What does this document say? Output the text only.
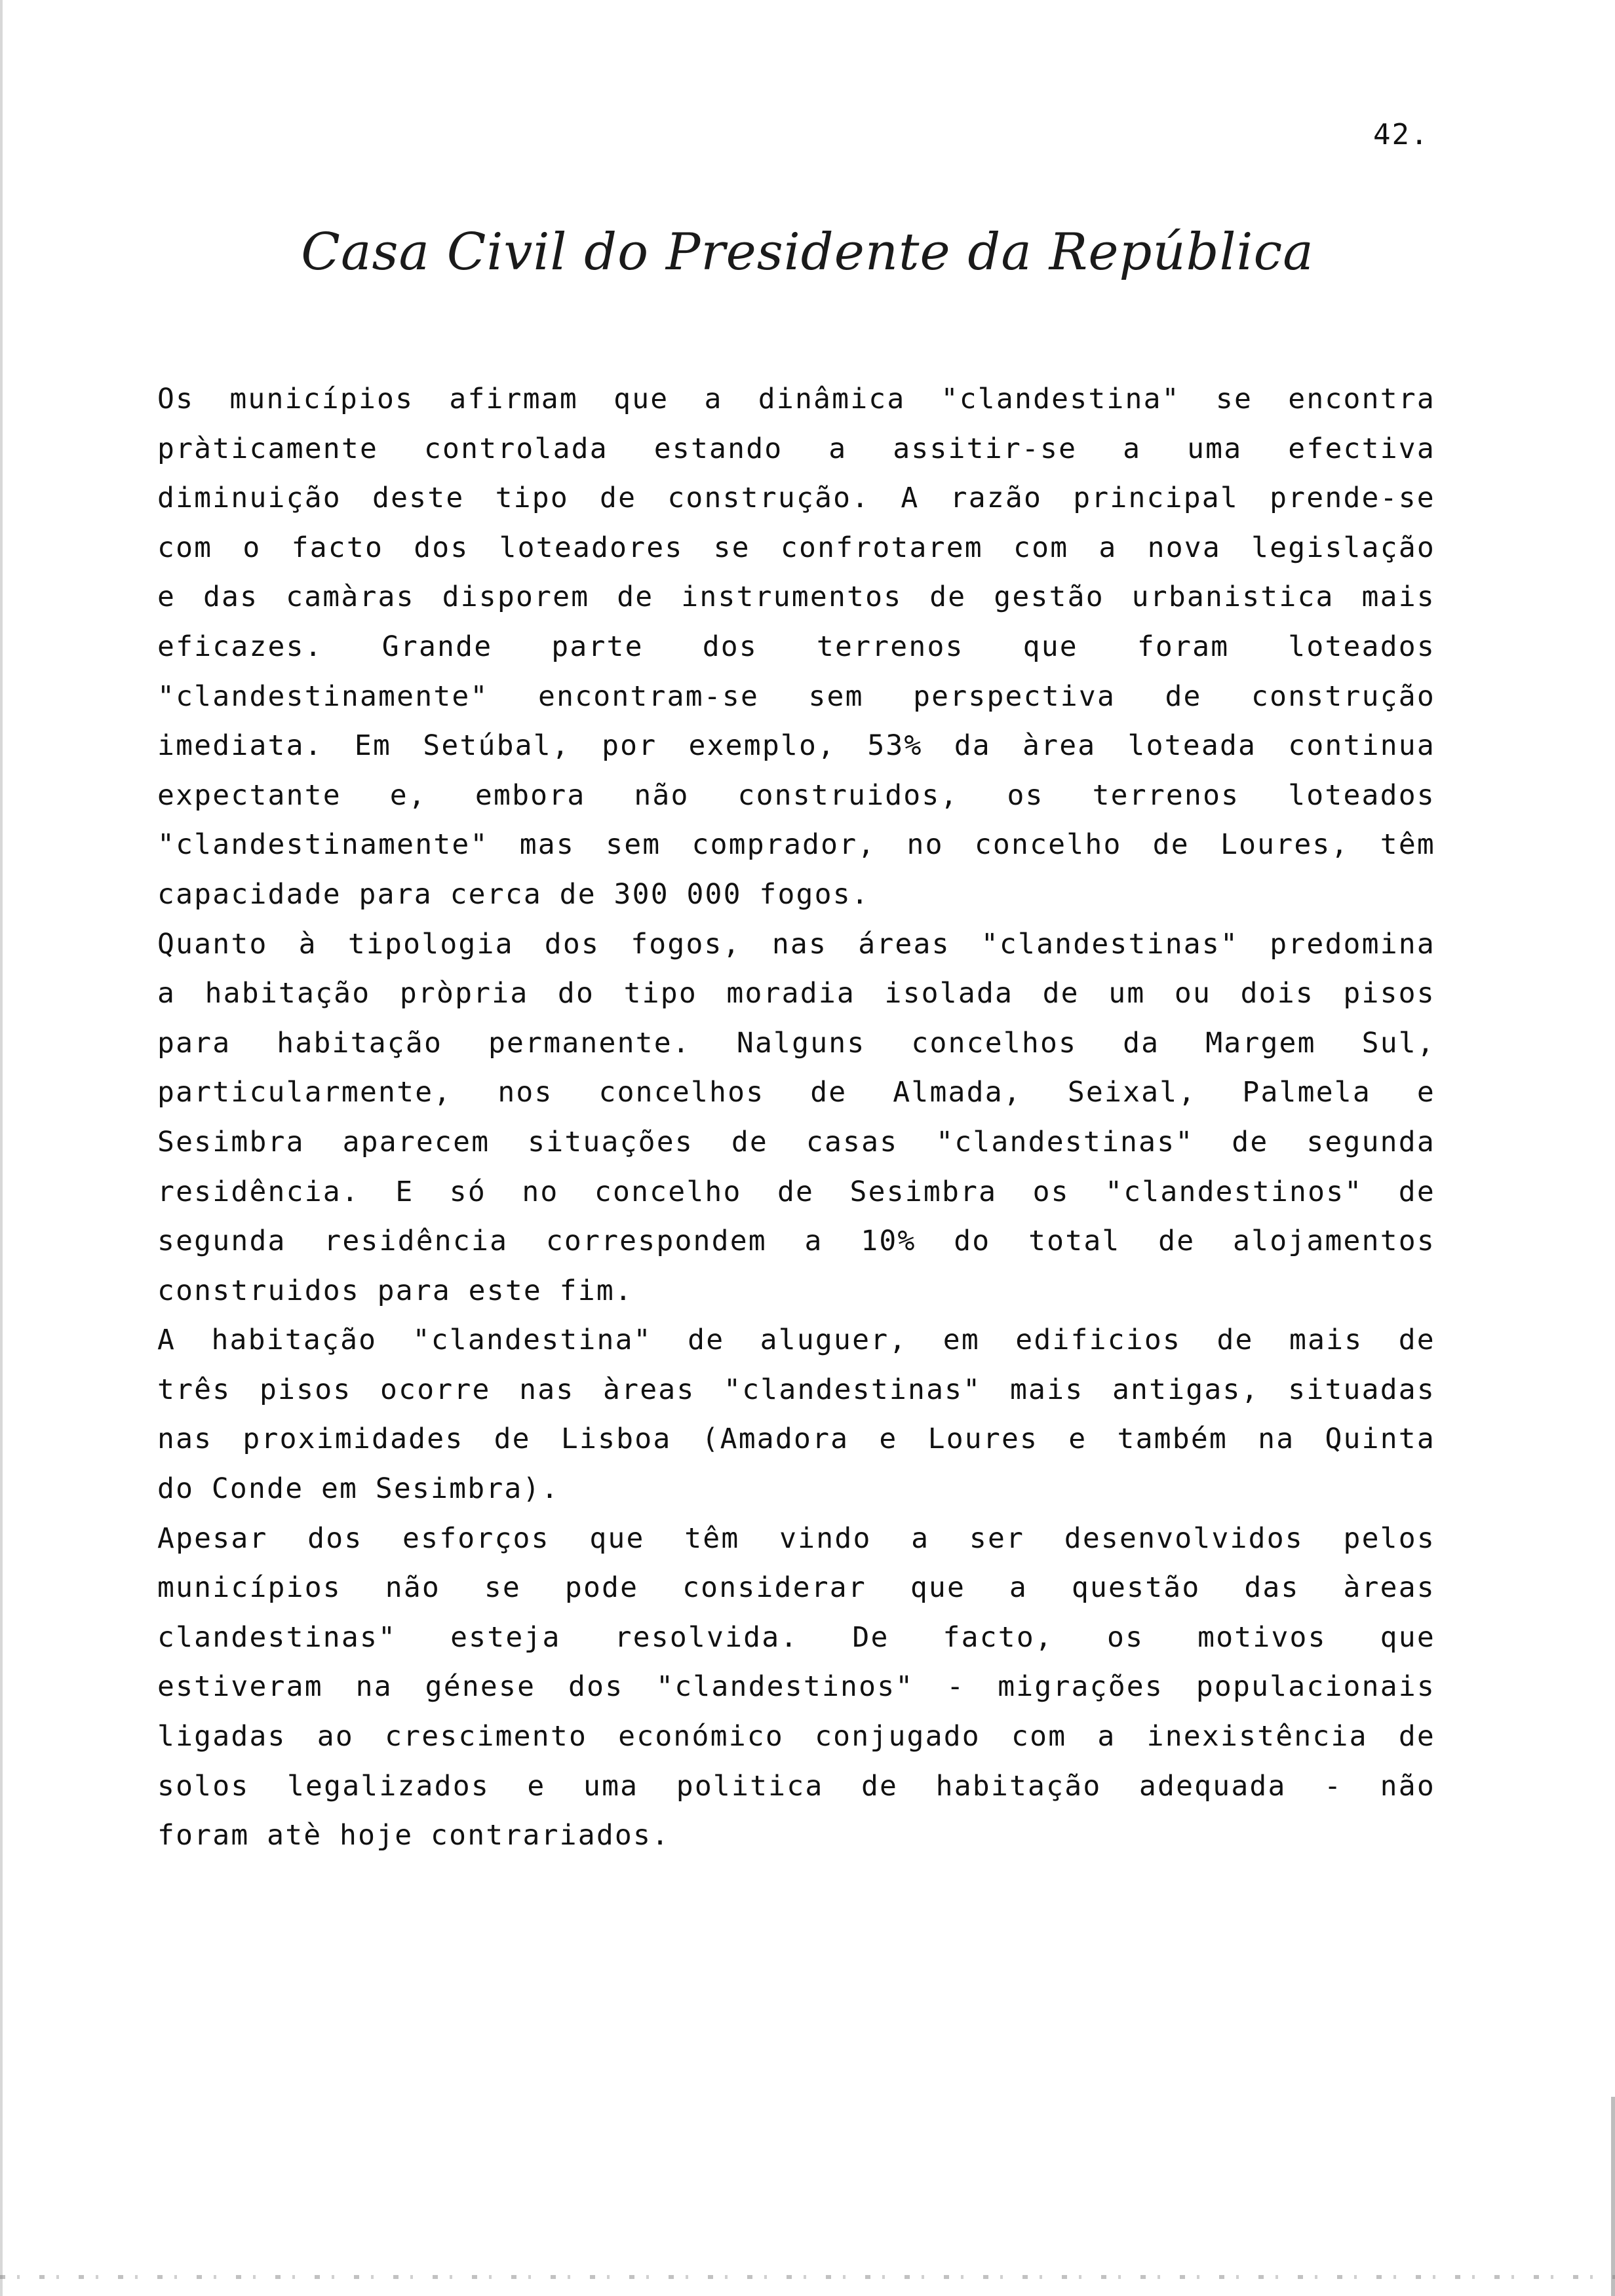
42.
Casa Civil do Presidente da República
Os municípios afirmam que a dinâmica "clandestina" se encontra
pràticamente controlada estando a assitir-se a uma efectiva
diminuição deste tipo de construção. A razão principal prende-se
com o facto dos loteadores se confrotarem com a nova legislação
e das camàras disporem de instrumentos de gestão urbanistica mais
eficazes. Grande parte dos terrenos que foram loteados
"clandestinamente" encontram-se sem perspectiva de construção
imediata. Em Setúbal, por exemplo, 53% da àrea loteada continua
expectante e, embora não construidos, os terrenos loteados
"clandestinamente" mas sem comprador, no concelho de Loures, têm
capacidade para cerca de 300 000 fogos.
Quanto à tipologia dos fogos, nas áreas "clandestinas" predomina
a habitação pròpria do tipo moradia isolada de um ou dois pisos
para habitação permanente. Nalguns concelhos da Margem Sul,
particularmente, nos concelhos de Almada, Seixal, Palmela e
Sesimbra aparecem situações de casas "clandestinas" de segunda
residência. E só no concelho de Sesimbra os "clandestinos" de
segunda residência correspondem a 10% do total de alojamentos
construidos para este fim.
A habitação "clandestina" de aluguer, em edificios de mais de
três pisos ocorre nas àreas "clandestinas" mais antigas, situadas
nas proximidades de Lisboa (Amadora e Loures e também na Quinta
do Conde em Sesimbra).
Apesar dos esforços que têm vindo a ser desenvolvidos pelos
municípios não se pode considerar que a questão das àreas
clandestinas" esteja resolvida. De facto, os motivos que
estiveram na génese dos "clandestinos" - migrações populacionais
ligadas ao crescimento económico conjugado com a inexistência de
solos legalizados e uma politica de habitação adequada - não
foram atè hoje contrariados.
